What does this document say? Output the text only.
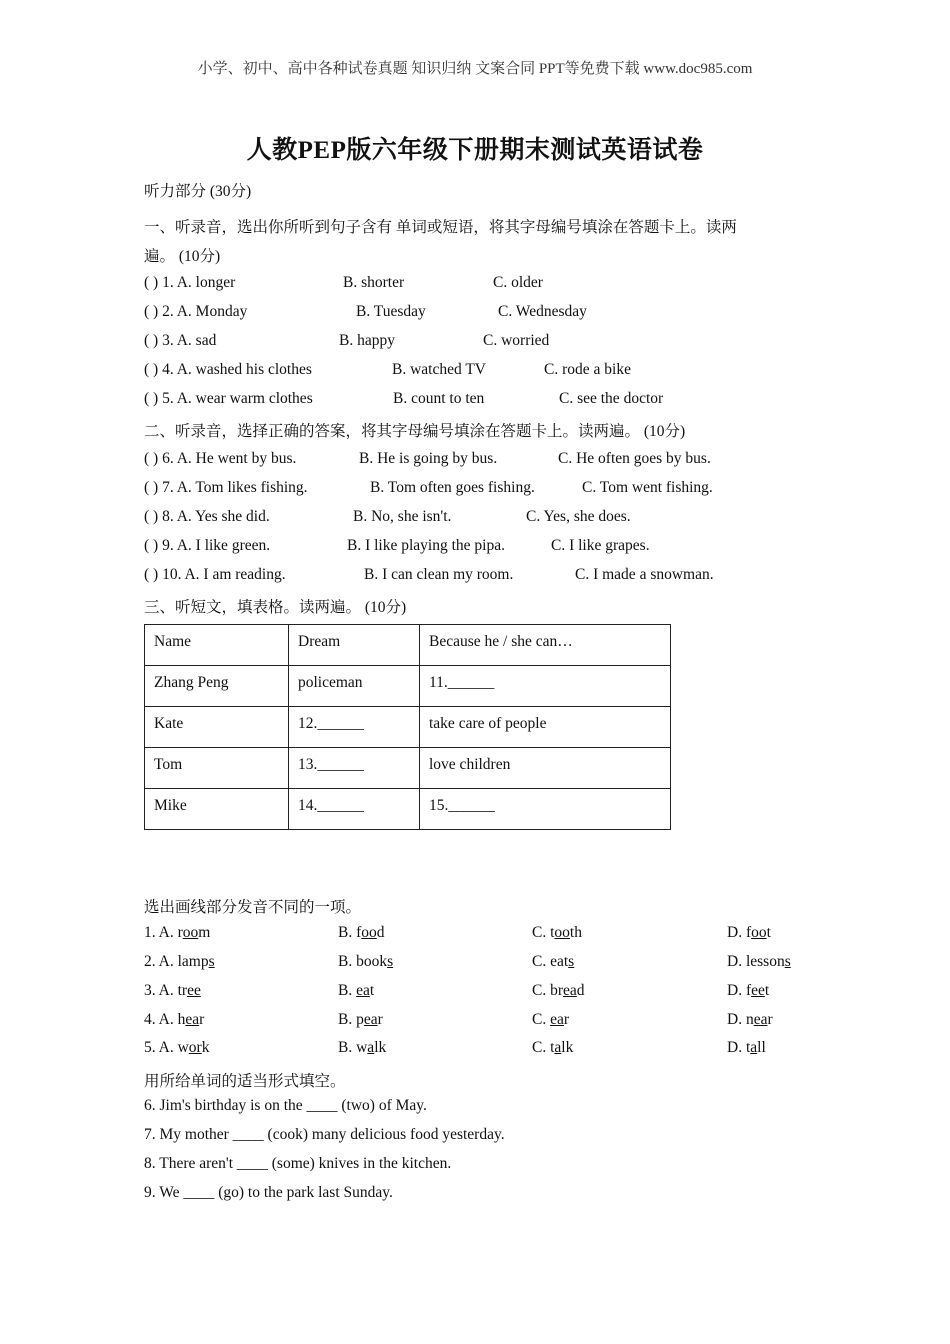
小学、初中、高中各种试卷真题 知识归纳 文案合同 PPT等免费下载 www.doc985.com
人教PEP版六年级下册期末测试英语试卷
听力部分 (30分)
一、听录音，选出你所听到句子含有 单词或短语，将其字母编号填涂在答题卡上。读两
遍。 (10分)
( ) 1. A. longer	B. shorter	C. older
( ) 2. A. Monday	B. Tuesday	C. Wednesday
( ) 3. A. sad	B. happy	C. worried
( ) 4. A. washed his clothes	B. watched TV	C. rode a bike
( ) 5. A. wear warm clothes	B. count to ten	C. see the doctor
二、听录音，选择正确的答案，将其字母编号填涂在答题卡上。读两遍。 (10分)
( ) 6. A. He went by bus.	B. He is going by bus.	C. He often goes by bus.
( ) 7. A. Tom likes fishing.	B. Tom often goes fishing.	C. Tom went fishing.
( ) 8. A. Yes she did.	B. No, she isn't.	C. Yes, she does.
( ) 9. A. I like green.	B. I like playing the pipa.	C. I like grapes.
( ) 10. A. I am reading.	B. I can clean my room.	C. I made a snowman.
三、听短文，填表格。读两遍。 (10分)
Name	Dream	Because he / she can…
Zhang Peng	policeman	11.______
Kate	12.______	take care of people
Tom	13.______	love children
Mike	14.______	15.______
选出画线部分发音不同的一项。
1. A. room	B. food	C. tooth	D. foot
2. A. lamps	B. books	C. eats	D. lessons
3. A. tree	B. eat	C. bread	D. feet
4. A. hear	B. pear	C. ear	D. near
5. A. work	B. walk	C. talk	D. tall
用所给单词的适当形式填空。
6. Jim's birthday is on the ____ (two) of May.
7. My mother ____ (cook) many delicious food yesterday.
8. There aren't ____ (some) knives in the kitchen.
9. We ____ (go) to the park last Sunday.
